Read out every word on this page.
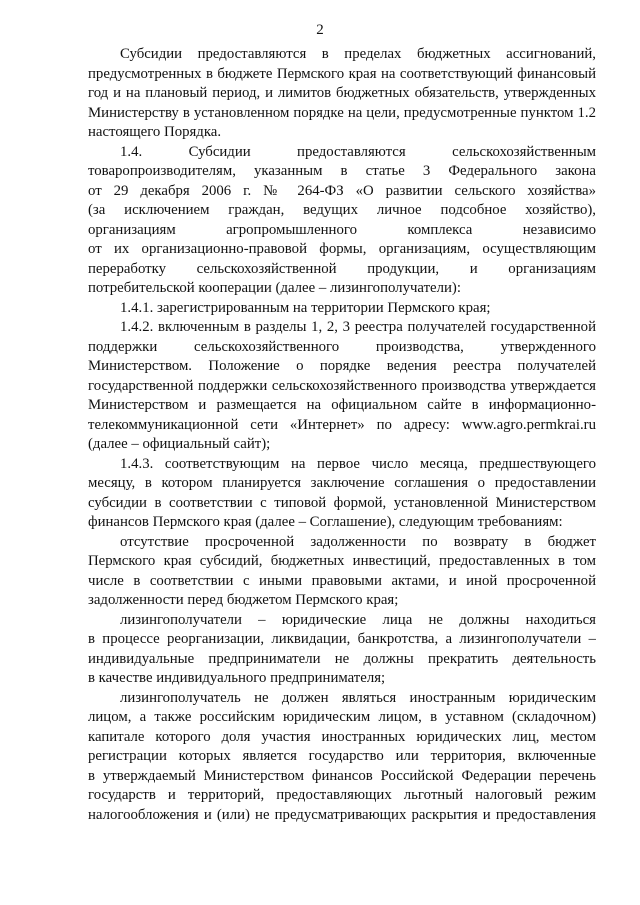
2
Субсидии предоставляются в пределах бюджетных ассигнований,
предусмотренных в бюджете Пермского края на соответствующий финансовый
год и на плановый период, и лимитов бюджетных обязательств, утвержденных
Министерству в установленном порядке на цели, предусмотренные пунктом 1.2
настоящего Порядка.
1.4. Субсидии предоставляются сельскохозяйственным
товаропроизводителям, указанным в статье 3 Федерального закона
от 29 декабря 2006 г. № 264-ФЗ «О развитии сельского хозяйства»
(за исключением граждан, ведущих личное подсобное хозяйство),
организациям агропромышленного комплекса независимо
от их организационно-правовой формы, организациям, осуществляющим
переработку сельскохозяйственной продукции, и организациям
потребительской кооперации (далее – лизингополучатели):
1.4.1. зарегистрированным на территории Пермского края;
1.4.2. включенным в разделы 1, 2, 3 реестра получателей государственной
поддержки сельскохозяйственного производства, утвержденного
Министерством. Положение о порядке ведения реестра получателей
государственной поддержки сельскохозяйственного производства утверждается
Министерством и размещается на официальном сайте в информационно-
телекоммуникационной сети «Интернет» по адресу: www.agro.permkrai.ru
(далее – официальный сайт);
1.4.3. соответствующим на первое число месяца, предшествующего
месяцу, в котором планируется заключение соглашения о предоставлении
субсидии в соответствии с типовой формой, установленной Министерством
финансов Пермского края (далее – Соглашение), следующим требованиям:
отсутствие просроченной задолженности по возврату в бюджет
Пермского края субсидий, бюджетных инвестиций, предоставленных в том
числе в соответствии с иными правовыми актами, и иной просроченной
задолженности перед бюджетом Пермского края;
лизингополучатели – юридические лица не должны находиться
в процессе реорганизации, ликвидации, банкротства, а лизингополучатели –
индивидуальные предприниматели не должны прекратить деятельность
в качестве индивидуального предпринимателя;
лизингополучатель не должен являться иностранным юридическим
лицом, а также российским юридическим лицом, в уставном (складочном)
капитале которого доля участия иностранных юридических лиц, местом
регистрации которых является государство или территория, включенные
в утверждаемый Министерством финансов Российской Федерации перечень
государств и территорий, предоставляющих льготный налоговый режим
налогообложения и (или) не предусматривающих раскрытия и предоставления
